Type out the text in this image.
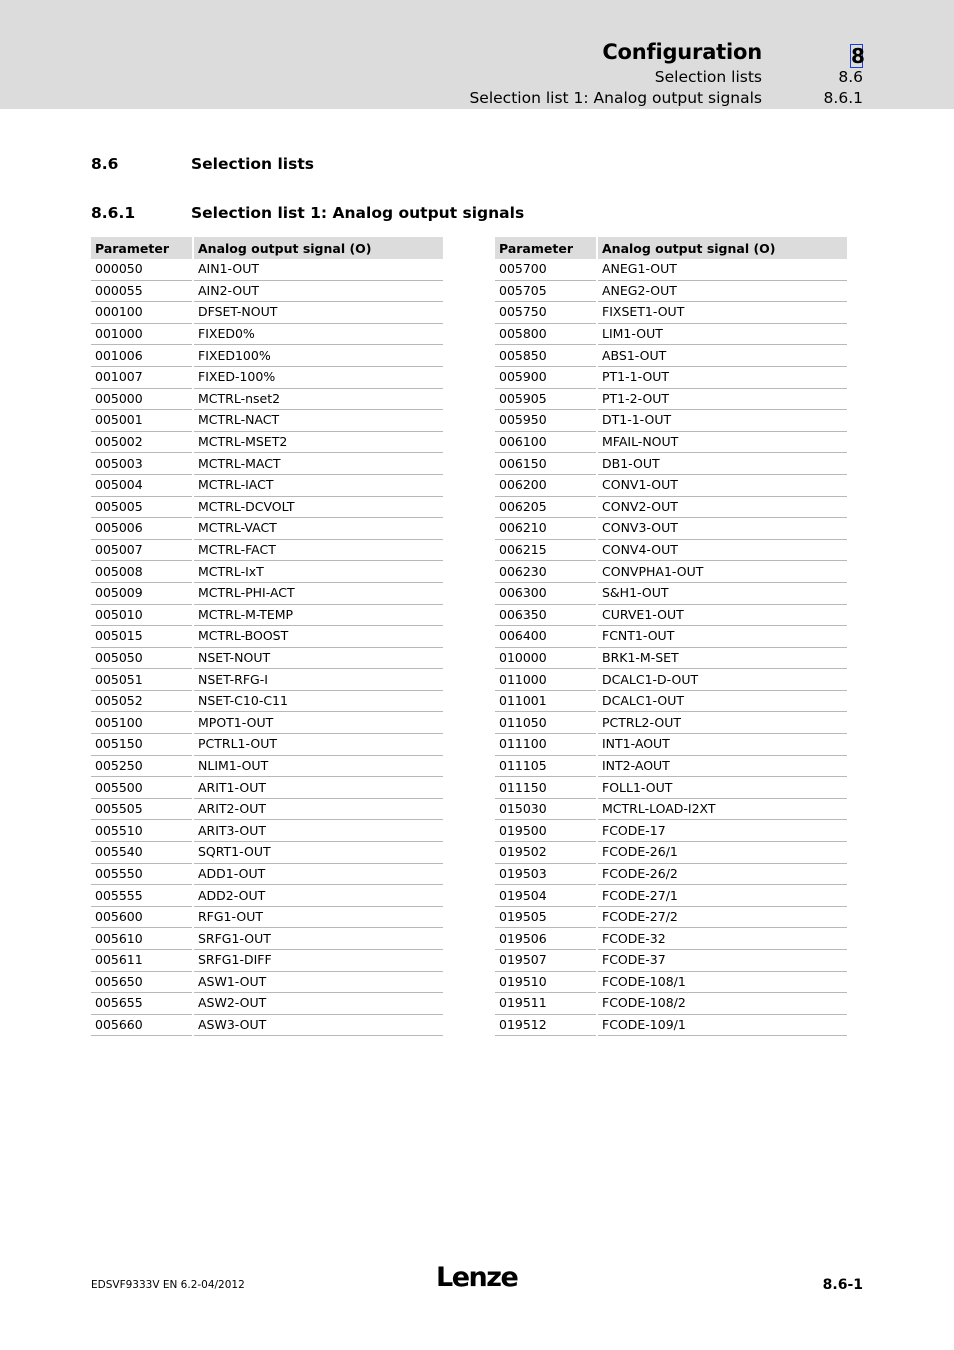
Configuration	8
Selection lists	8.6
Selection list 1: Analog output signals	8.6.1
8.6	Selection lists
8.6.1	Selection list 1: Analog output signals
Parameter	Analog output signal (O)
000050	AIN1-OUT
000055	AIN2-OUT
000100	DFSET-NOUT
001000	FIXED0%
001006	FIXED100%
001007	FIXED-100%
005000	MCTRL-nset2
005001	MCTRL-NACT
005002	MCTRL-MSET2
005003	MCTRL-MACT
005004	MCTRL-IACT
005005	MCTRL-DCVOLT
005006	MCTRL-VACT
005007	MCTRL-FACT
005008	MCTRL-IxT
005009	MCTRL-PHI-ACT
005010	MCTRL-M-TEMP
005015	MCTRL-BOOST
005050	NSET-NOUT
005051	NSET-RFG-I
005052	NSET-C10-C11
005100	MPOT1-OUT
005150	PCTRL1-OUT
005250	NLIM1-OUT
005500	ARIT1-OUT
005505	ARIT2-OUT
005510	ARIT3-OUT
005540	SQRT1-OUT
005550	ADD1-OUT
005555	ADD2-OUT
005600	RFG1-OUT
005610	SRFG1-OUT
005611	SRFG1-DIFF
005650	ASW1-OUT
005655	ASW2-OUT
005660	ASW3-OUT
Parameter	Analog output signal (O)
005700	ANEG1-OUT
005705	ANEG2-OUT
005750	FIXSET1-OUT
005800	LIM1-OUT
005850	ABS1-OUT
005900	PT1-1-OUT
005905	PT1-2-OUT
005950	DT1-1-OUT
006100	MFAIL-NOUT
006150	DB1-OUT
006200	CONV1-OUT
006205	CONV2-OUT
006210	CONV3-OUT
006215	CONV4-OUT
006230	CONVPHA1-OUT
006300	S&H1-OUT
006350	CURVE1-OUT
006400	FCNT1-OUT
010000	BRK1-M-SET
011000	DCALC1-D-OUT
011001	DCALC1-OUT
011050	PCTRL2-OUT
011100	INT1-AOUT
011105	INT2-AOUT
011150	FOLL1-OUT
015030	MCTRL-LOAD-I2XT
019500	FCODE-17
019502	FCODE-26/1
019503	FCODE-26/2
019504	FCODE-27/1
019505	FCODE-27/2
019506	FCODE-32
019507	FCODE-37
019510	FCODE-108/1
019511	FCODE-108/2
019512	FCODE-109/1
EDSVF9333V EN 6.2-04/2012	Lenze	8.6-1
